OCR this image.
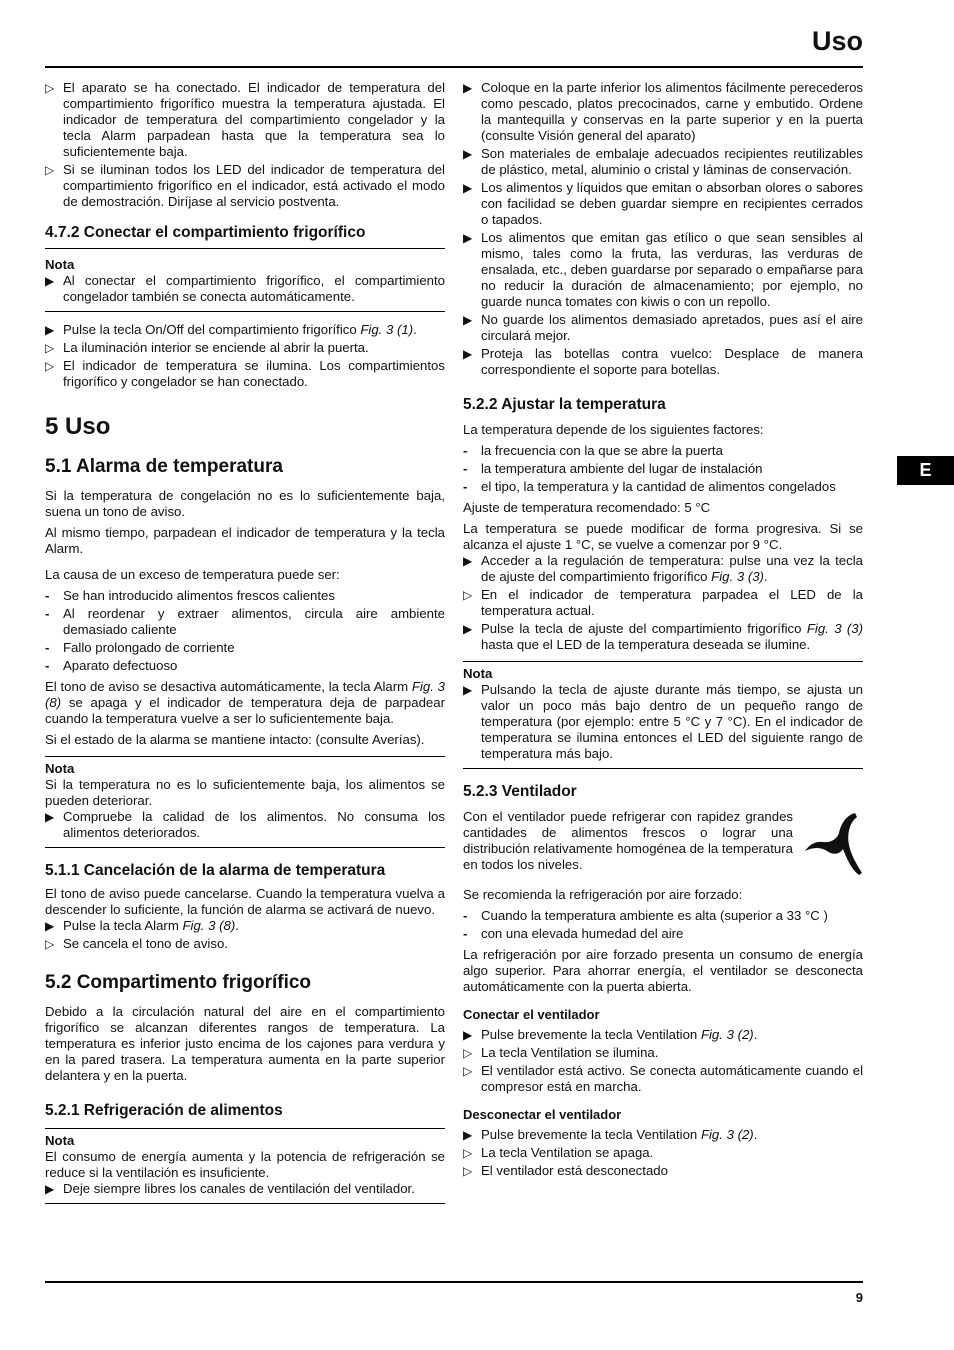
Uso
E
▷ El aparato se ha conectado. El indicador de temperatura del compartimiento frigorífico muestra la temperatura ajustada. El indicador de temperatura del compartimiento congelador y la tecla Alarm parpadean hasta que la temperatura sea lo suficientemente baja.
▷ Si se iluminan todos los LED del indicador de temperatura del compartimiento frigorífico en el indicador, está activado el modo de demostración. Diríjase al servicio postventa.
4.7.2 Conectar el compartimiento frigorífico
Nota
▶ Al conectar el compartimiento frigorífico, el compartimiento congelador también se conecta automáticamente.
▶ Pulse la tecla On/Off del compartimiento frigorífico Fig. 3 (1).
▷ La iluminación interior se enciende al abrir la puerta.
▷ El indicador de temperatura se ilumina. Los compartimientos frigorífico y congelador se han conectado.
5 Uso
5.1 Alarma de temperatura

Si la temperatura de congelación no es lo suficientemente baja, suena un tono de aviso.

Al mismo tiempo, parpadean el indicador de temperatura y la tecla Alarm.

La causa de un exceso de temperatura puede ser:

-	Se han introducido alimentos frescos calientes
-	Al reordenar y extraer alimentos, circula aire ambiente demasiado caliente
-	Fallo prolongado de corriente
-	Aparato defectuoso

El tono de aviso se desactiva automáticamente, la tecla Alarm Fig. 3 (8) se apaga y el indicador de temperatura deja de parpadear cuando la temperatura vuelve a ser lo suficientemente baja.

Si el estado de la alarma se mantiene intacto: (consulte Averías).

Nota
Si la temperatura no es lo suficientemente baja, los alimentos se pueden deteriorar.
▶ Compruebe la calidad de los alimentos. No consuma los alimentos deteriorados.
5.1.1 Cancelación de la alarma de temperatura

El tono de aviso puede cancelarse. Cuando la temperatura vuelva a descender lo suficiente, la función de alarma se activará de nuevo.

▶ Pulse la tecla Alarm Fig. 3 (8).
▷ Se cancela el tono de aviso.
5.2 Compartimento frigorífico

Debido a la circulación natural del aire en el compartimiento frigorífico se alcanzan diferentes rangos de temperatura. La temperatura es inferior justo encima de los cajones para verdura y en la pared trasera. La temperatura aumenta en la parte superior delantera y en la puerta.

5.2.1 Refrigeración de alimentos
Nota
El consumo de energía aumenta y la potencia de refrigeración se reduce si la ventilación es insuficiente.
▶ Deje siempre libres los canales de ventilación del ventilador.
▶ Coloque en la parte inferior los alimentos fácilmente perecederos como pescado, platos precocinados, carne y embutido. Ordene la mantequilla y conservas en la parte superior y en la puerta (consulte Visión general del aparato)
▶ Son materiales de embalaje adecuados recipientes reutilizables de plástico, metal, aluminio o cristal y láminas de conservación.
▶ Los alimentos y líquidos que emitan o absorban olores o sabores con facilidad se deben guardar siempre en recipientes cerrados o tapados.
▶ Los alimentos que emitan gas etílico o que sean sensibles al mismo, tales como la fruta, las verduras, las verduras de ensalada, etc., deben guardarse por separado o empañarse para no reducir la duración de almacenamiento; por ejemplo, no guarde nunca tomates con kiwis o con un repollo.
▶ No guarde los alimentos demasiado apretados, pues así el aire circulará mejor.
▶ Proteja las botellas contra vuelco: Desplace de manera correspondiente el soporte para botellas.
5.2.2 Ajustar la temperatura

La temperatura depende de los siguientes factores:

-	la frecuencia con la que se abre la puerta
-	la temperatura ambiente del lugar de instalación
-	el tipo, la temperatura y la cantidad de alimentos congelados

Ajuste de temperatura recomendado: 5 °C

La temperatura se puede modificar de forma progresiva. Si se alcanza el ajuste 1 °C, se vuelve a comenzar por 9 °C.

▶ Acceder a la regulación de temperatura: pulse una vez la tecla de ajuste del compartimiento frigorífico Fig. 3 (3).
▷ En el indicador de temperatura parpadea el LED de la temperatura actual.
▶ Pulse la tecla de ajuste del compartimiento frigorífico Fig. 3 (3) hasta que el LED de la temperatura deseada se ilumine.
Nota
▶ Pulsando la tecla de ajuste durante más tiempo, se ajusta un valor un poco más bajo dentro de un pequeño rango de temperatura (por ejemplo: entre 5 °C y 7 °C). En el indicador de temperatura se ilumina entonces el LED del siguiente rango de temperatura más bajo.
5.2.3 Ventilador
Con el ventilador puede refrigerar con rapidez grandes cantidades de alimentos frescos o lograr una distribución relativamente homogénea de la temperatura en todos los niveles.

Se recomienda la refrigeración por aire forzado:

-	Cuando la temperatura ambiente es alta (superior a 33 °C )
-	con una elevada humedad del aire

La refrigeración por aire forzado presenta un consumo de energía algo superior. Para ahorrar energía, el ventilador se desconecta automáticamente con la puerta abierta.

Conectar el ventilador
▶ Pulse brevemente la tecla Ventilation Fig. 3 (2).
▷ La tecla Ventilation se ilumina.
▷ El ventilador está activo. Se conecta automáticamente cuando el compresor está en marcha.
Desconectar el ventilador
▶ Pulse brevemente la tecla Ventilation Fig. 3 (2).
▷ La tecla Ventilation se apaga.
▷ El ventilador está desconectado
9
